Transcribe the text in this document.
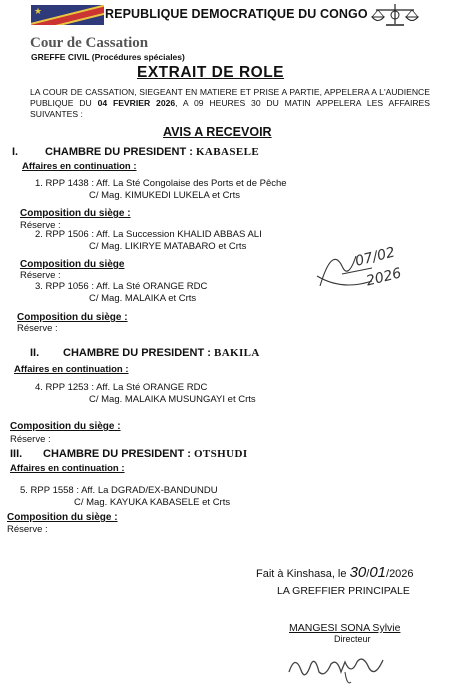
★	REPUBLIQUE DEMOCRATIQUE DU CONGO
Cour de Cassation
GREFFE CIVIL (Procédures spéciales)
EXTRAIT DE ROLE
LA COUR DE CASSATION, SIEGEANT EN MATIERE ET PRISE A PARTIE, APPELERA A L'AUDIENCE PUBLIQUE DU 04 FEVRIER 2026, A 09 HEURES 30 DU MATIN APPELERA LES AFFAIRES SUIVANTES :
AVIS A RECEVOIR
I. CHAMBRE DU PRESIDENT : KABASELE
Affaires en continuation :
1. RPP 1438 : Aff. La Sté Congolaise des Ports et de Pêche
C/ Mag. KIMUKEDI LUKELA et Crts
Composition du siège :
Réserve :
2. RPP 1506 : Aff. La Succession KHALID ABBAS ALI
C/ Mag. LIKIRYE MATABARO et Crts
Composition du siège
Réserve :
3. RPP 1056 : Aff. La Sté ORANGE RDC
C/ Mag. MALAIKA et Crts
Composition du siège :
Réserve :
II. CHAMBRE DU PRESIDENT : BAKILA
Affaires en continuation :
4. RPP 1253 : Aff. La Sté ORANGE RDC
C/ Mag. MALAIKA MUSUNGAYI et Crts
Composition du siège :
Réserve :
III. CHAMBRE DU PRESIDENT : OTSHUDI
Affaires en continuation :
5. RPP 1558 : Aff. La DGRAD/EX-BANDUNDU
C/ Mag. KAYUKA KABASELE et Crts
Composition du siège :
Réserve :
07/02
2026
Fait à Kinshasa, le 30/01/2026
LA GREFFIER PRINCIPALE
MANGESI SONA Sylvie
Directeur
